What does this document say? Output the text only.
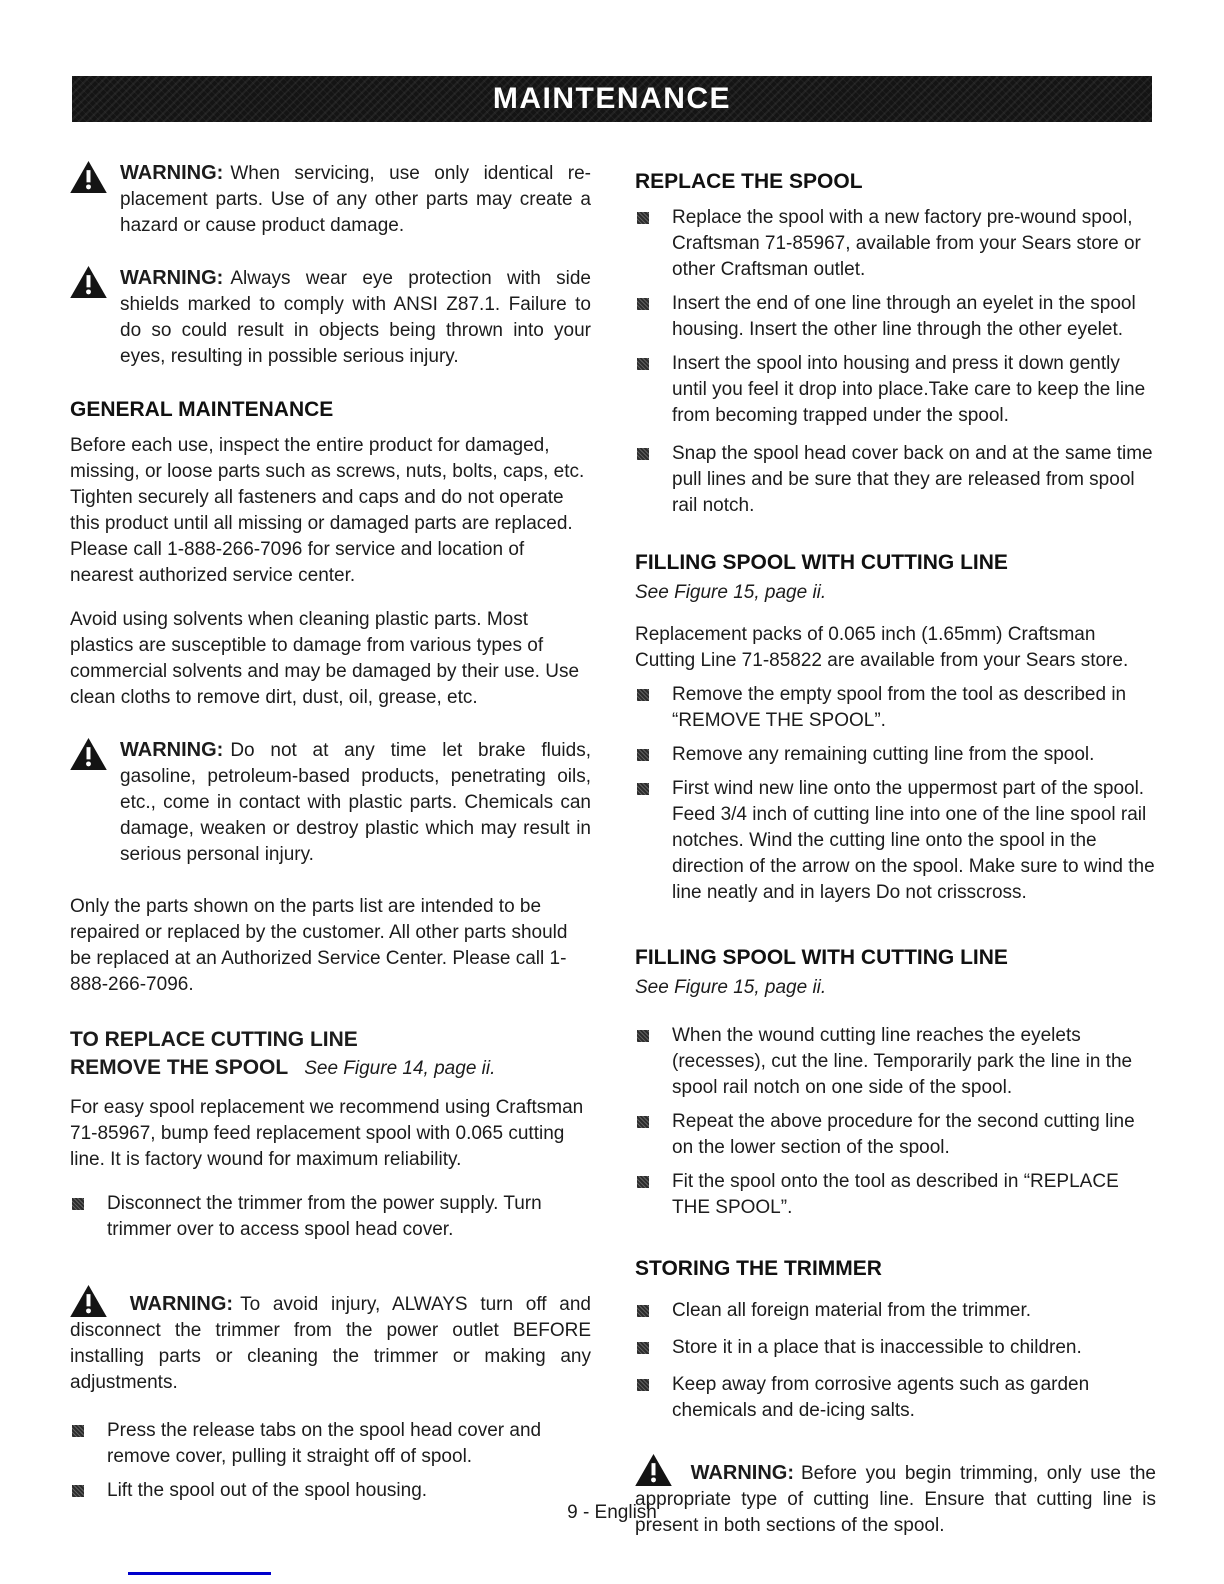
MAINTENANCE
WARNING: When servicing, use only identical re-placement parts. Use of any other parts may create a hazard or cause product damage.
WARNING: Always wear eye protection with side shields marked to comply with ANSI Z87.1. Failure to do so could result in objects being thrown into your eyes, resulting in possible serious injury.
GENERAL MAINTENANCE

Before each use, inspect the entire product for damaged, missing, or loose parts such as screws, nuts, bolts, caps, etc. Tighten securely all fasteners and caps and do not operate this product until all missing or damaged parts are replaced. Please call 1-888-266-7096 for service and location of nearest authorized service center.

Avoid using solvents when cleaning plastic parts. Most plastics are susceptible to damage from various types of commercial solvents and may be damaged by their use. Use clean cloths to remove dirt, dust, oil, grease, etc.

WARNING: Do not at any time let brake fluids, gasoline, petroleum-based products, penetrating oils, etc., come in contact with plastic parts. Chemicals can damage, weaken or destroy plastic which may result in serious personal injury.

Only the parts shown on the parts list are intended to be repaired or replaced by the customer. All other parts should be replaced at an Authorized Service Center. Please call 1-888-266-7096.

TO REPLACE CUTTING LINE
REMOVE THE SPOOL See Figure 14, page ii.

For easy spool replacement we recommend using Craftsman 71-85967, bump feed replacement spool with 0.065 cutting line. It is factory wound for maximum reliability.

Disconnect the trimmer from the power supply. Turn trimmer over to access spool head cover.
WARNING: To avoid injury, ALWAYS turn off and disconnect the trimmer from the power outlet BEFORE installing parts or cleaning the trimmer or making any adjustments.
Press the release tabs on the spool head cover and remove cover, pulling it straight off of spool.
Lift the spool out of the spool housing.
REPLACE THE SPOOL
Replace the spool with a new factory pre-wound spool, Craftsman 71-85967, available from your Sears store or other Craftsman outlet.
Insert the end of one line through an eyelet in the spool housing. Insert the other line through the other eyelet.
Insert the spool into housing and press it down gently until you feel it drop into place.Take care to keep the line from becoming trapped under the spool.
Snap the spool head cover back on and at the same time pull lines and be sure that they are released from spool rail notch.
FILLING SPOOL WITH CUTTING LINE
See Figure 15, page ii.

Replacement packs of 0.065 inch (1.65mm) Craftsman Cutting Line 71-85822 are available from your Sears store.

Remove the empty spool from the tool as described in “REMOVE THE SPOOL”.
Remove any remaining cutting line from the spool.
First wind new line onto the uppermost part of the spool. Feed 3/4 inch of cutting line into one of the line spool rail notches. Wind the cutting line onto the spool in the direction of the arrow on the spool. Make sure to wind the line neatly and in layers Do not crisscross.
FILLING SPOOL WITH CUTTING LINE
See Figure 15, page ii.
When the wound cutting line reaches the eyelets (recesses), cut the line. Temporarily park the line in the spool rail notch on one side of the spool.
Repeat the above procedure for the second cutting line on the lower section of the spool.
Fit the spool onto the tool as described in “REPLACE THE SPOOL”.
STORING THE TRIMMER
Clean all foreign material from the trimmer.
Store it in a place that is inaccessible to children.
Keep away from corrosive agents such as garden chemicals and de-icing salts.
WARNING: Before you begin trimming, only use the appropriate type of cutting line. Ensure that cutting line is present in both sections of the spool.
9 - English
